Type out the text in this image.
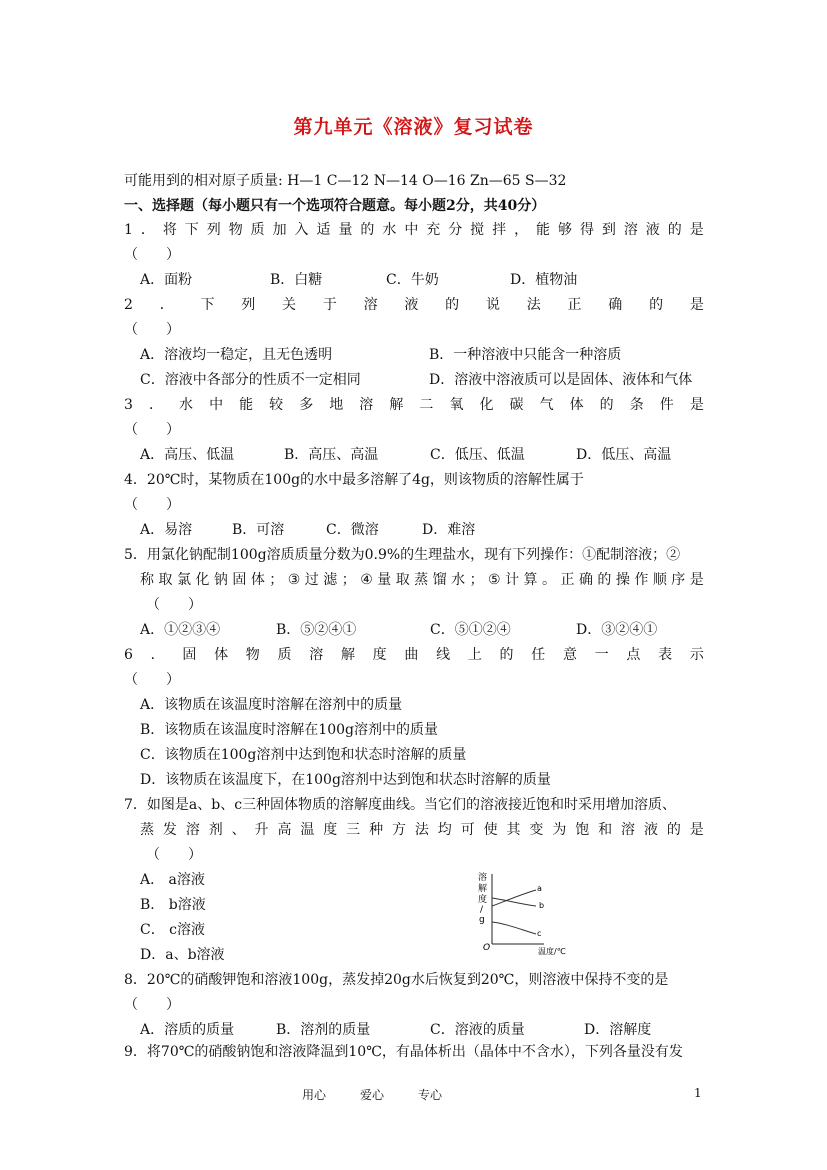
第九单元《溶液》复习试卷
可能用到的相对原子质量: H—1 C—12 N—14 O—16 Zn—65 S—32
一、选择题（每小题只有一个选项符合题意。每小题2分，共40分）
1 ． 将 下 列 物 质 加 入 适 量 的 水 中 充 分 搅 拌 ， 能 够 得 到 溶 液 的 是
（　　）
A．面粉	B．白糖	C．牛奶	D．植物油
2 ． 下 列 关 于 溶 液 的 说 法 正 确 的 是
（　　）
A．溶液均一稳定，且无色透明	B．一种溶液中只能含一种溶质
C．溶液中各部分的性质不一定相同	D．溶液中溶液质可以是固体、液体和气体
3 ． 水 中 能 较 多 地 溶 解 二 氧 化 碳 气 体 的 条 件 是
（　　）
A．高压、低温	B．高压、高温	C．低压、低温	D．低压、高温
4．20℃时，某物质在100g的水中最多溶解了4g，则该物质的溶解性属于
（　　）
A．易溶	B．可溶	C．微溶	D．难溶
5．用氯化钠配制100g溶质质量分数为0.9%的生理盐水，现有下列操作：①配制溶液；②
称 取 氯 化 钠 固 体 ； ③ 过 滤 ； ④ 量 取 蒸 馏 水 ； ⑤ 计 算 。 正 确 的 操 作 顺 序 是
（　　）
A．①②③④	B．⑤②④①	C．⑤①②④	D．③②④①
6 ． 固 体 物 质 溶 解 度 曲 线 上 的 任 意 一 点 表 示
（　　）
A．该物质在该温度时溶解在溶剂中的质量
B．该物质在该温度时溶解在100g溶剂中的质量
C．该物质在100g溶剂中达到饱和状态时溶解的质量
D．该物质在该温度下，在100g溶剂中达到饱和状态时溶解的质量
7．如图是a、b、c三种固体物质的溶解度曲线。当它们的溶液接近饱和时采用增加溶质、
蒸 发 溶 剂 、 升 高 温 度 三 种 方 法 均 可 使 其 变 为 饱 和 溶 液 的 是
（　　）
A． a溶液
B． b溶液
C． c溶液
D．a、b溶液
溶
解
度
/
g
O	温度/℃
a
b
c
8．20℃的硝酸钾饱和溶液100g，蒸发掉20g水后恢复到20℃，则溶液中保持不变的是
（　　）
A．溶质的质量	B．溶剂的质量	C．溶液的质量	D．溶解度
9．将70℃的硝酸钠饱和溶液降温到10℃，有晶体析出（晶体中不含水），下列各量没有发
用心	爱心	专心	1
